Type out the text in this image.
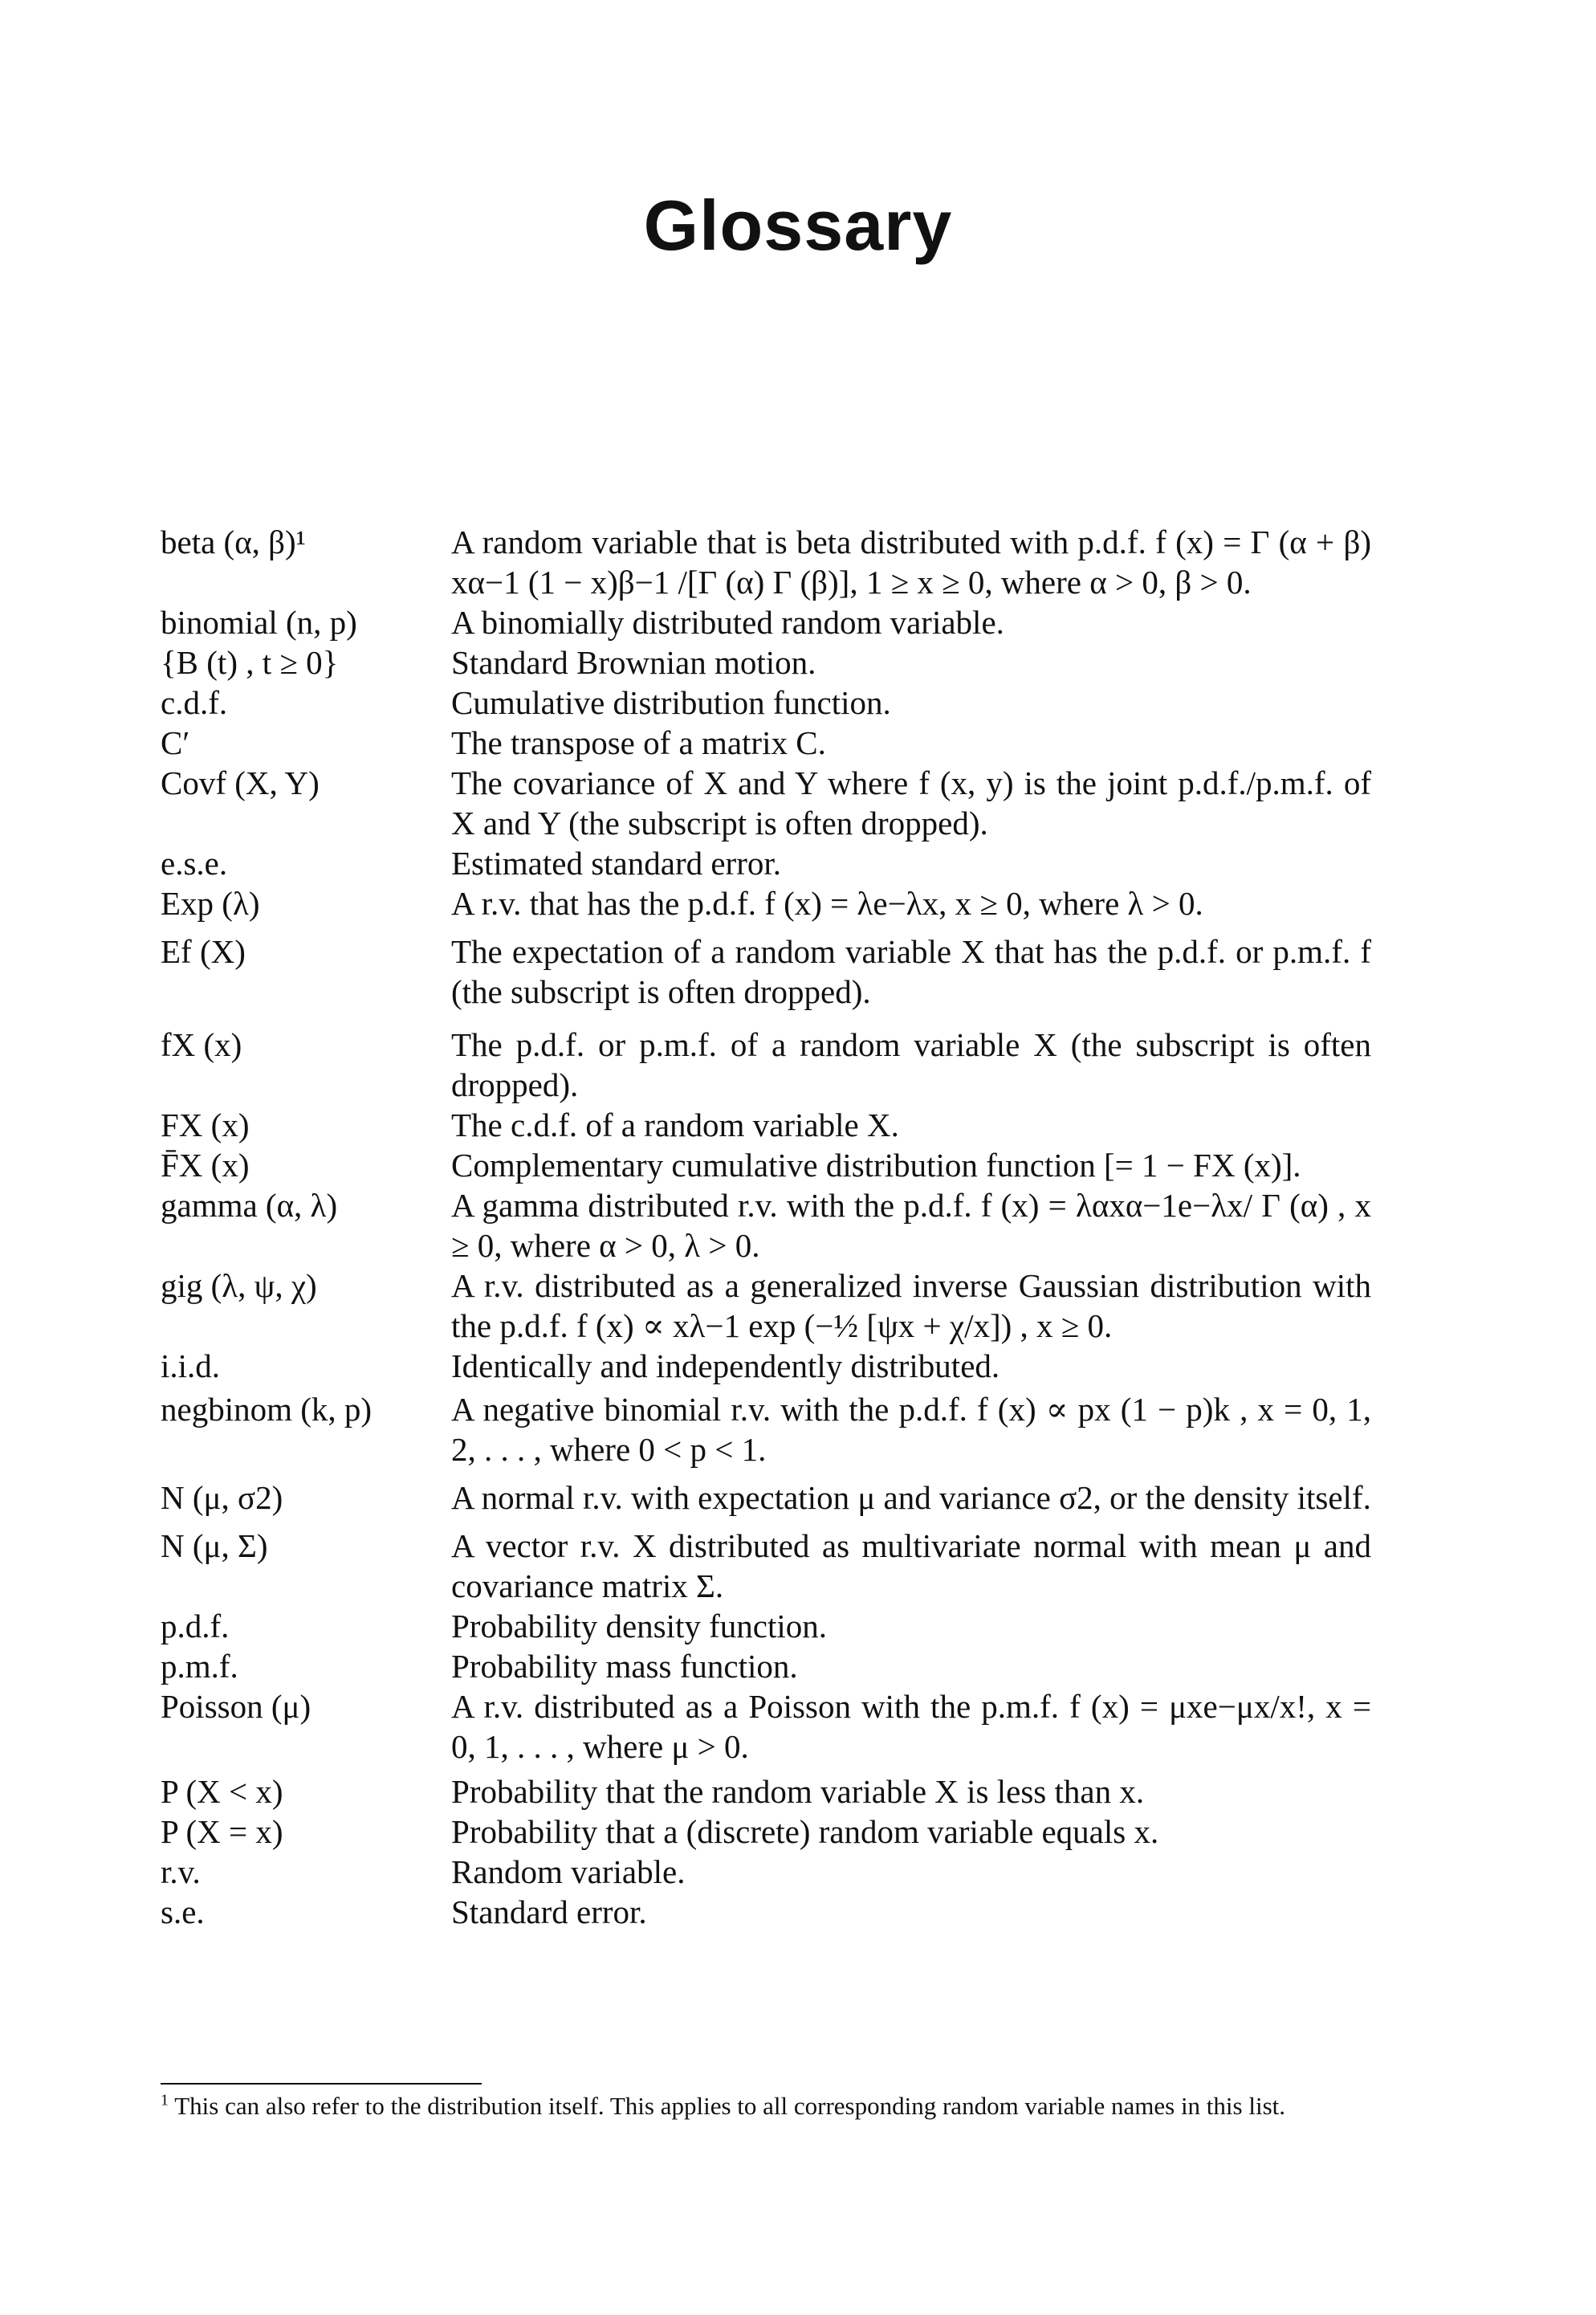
Glossary
beta (α, β)¹	A random variable that is beta distributed with p.d.f. f (x) = Γ (α + β) xα−1 (1 − x)β−1 /[Γ (α) Γ (β)], 1 ≥ x ≥ 0, where α > 0, β > 0.
binomial (n, p)	A binomially distributed random variable.
{B (t) , t ≥ 0}	Standard Brownian motion.
c.d.f.	Cumulative distribution function.
C′	The transpose of a matrix C.
Covf (X, Y)	The covariance of X and Y where f (x, y) is the joint p.d.f./p.m.f. of X and Y (the subscript is often dropped).
e.s.e.	Estimated standard error.
Exp (λ)	A r.v. that has the p.d.f. f (x) = λe−λx, x ≥ 0, where λ > 0.
Ef (X)	The expectation of a random variable X that has the p.d.f. or p.m.f. f (the subscript is often dropped).
fX (x)	The p.d.f. or p.m.f. of a random variable X (the subscript is often dropped).
FX (x)	The c.d.f. of a random variable X.
F̄X (x)	Complementary cumulative distribution function [= 1 − FX (x)].
gamma (α, λ)	A gamma distributed r.v. with the p.d.f. f (x) = λαxα−1e−λx/ Γ (α) , x ≥ 0, where α > 0, λ > 0.
gig (λ, ψ, χ)	A r.v. distributed as a generalized inverse Gaussian distribution with the p.d.f. f (x) ∝ xλ−1 exp (−½ [ψx + χ/x]) , x ≥ 0.
i.i.d.	Identically and independently distributed.
negbinom (k, p)	A negative binomial r.v. with the p.d.f. f (x) ∝ px (1 − p)k , x = 0, 1, 2, . . . , where 0 < p < 1.
N (μ, σ2)	A normal r.v. with expectation μ and variance σ2, or the density itself.
N (μ, Σ)	A vector r.v. X distributed as multivariate normal with mean μ and covariance matrix Σ.
p.d.f.	Probability density function.
p.m.f.	Probability mass function.
Poisson (μ)	A r.v. distributed as a Poisson with the p.m.f. f (x) = μxe−μx/x!, x = 0, 1, . . . , where μ > 0.
P (X < x)	Probability that the random variable X is less than x.
P (X = x)	Probability that a (discrete) random variable equals x.
r.v.	Random variable.
s.e.	Standard error.
$^1$ This can also refer to the distribution itself. This applies to all corresponding random variable names in this list.
